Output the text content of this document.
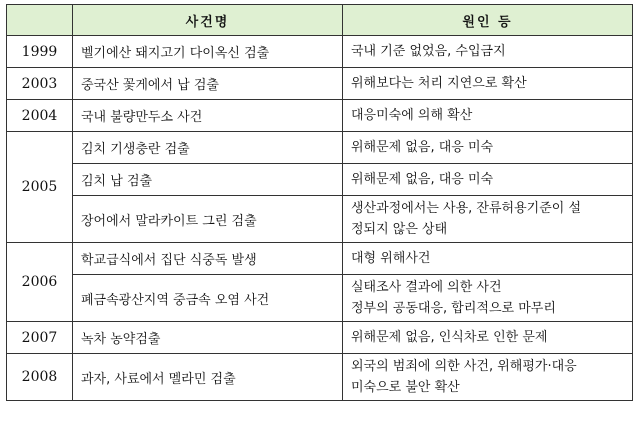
	사건명	원인 등
1999	벨기에산 돼지고기 다이옥신 검출	국내 기준 없었음, 수입금지
2003	중국산 꽃게에서 납 검출	위해보다는 처리 지연으로 확산
2004	국내 불량만두소 사건	대응미숙에 의해 확산
2005	김치 기생충란 검출	위해문제 없음, 대응 미숙
	김치 납 검출	위해문제 없음, 대응 미숙
	장어에서 말라카이트 그린 검출	생산과정에서는 사용, 잔류허용기준이 설
정되지 않은 상태
2006	학교급식에서 집단 식중독 발생	대형 위해사건
	폐금속광산지역 중금속 오염 사건	실태조사 결과에 의한 사건
정부의 공동대응, 합리적으로 마무리
2007	녹차 농약검출	위해문제 없음, 인식차로 인한 문제
2008	과자, 사료에서 멜라민 검출	외국의 범죄에 의한 사건, 위해평가·대응
미숙으로 불안 확산
